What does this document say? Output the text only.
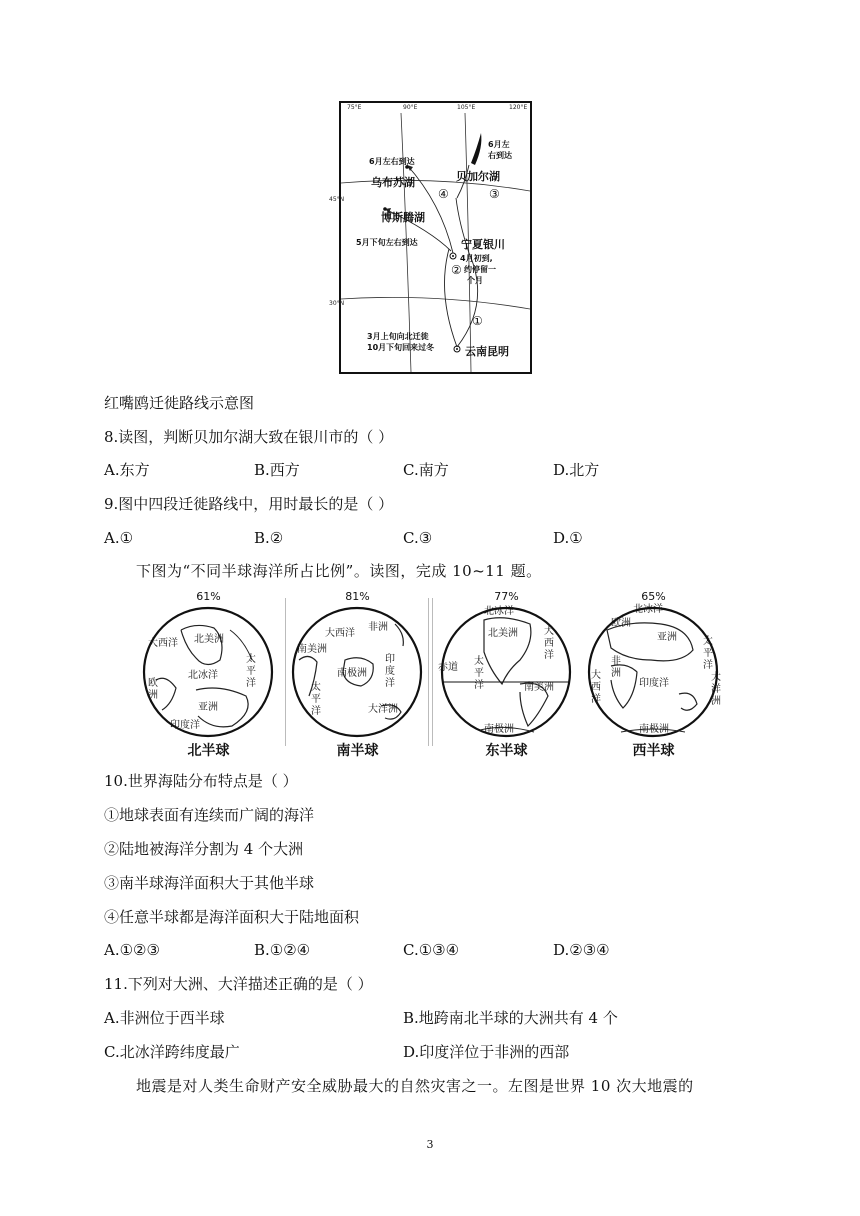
75°E	90°E	105°E	120°E
45°N
30°N
6月左右到达
6月左
右到达
乌布苏湖	贝加尔湖
博斯腾湖
5月下旬左右到达	宁夏银川
4月初到,
约停留一
个月
3月上旬向北迁徙
10月下旬回来过冬	云南昆明
①
②
③
④
红嘴鸥迁徙路线示意图
8.读图，判断贝加尔湖大致在银川市的（ ）
A.东方	B.西方	C.南方	D.北方
9.图中四段迁徙路线中，用时最长的是（ ）
A.①	B.②	C.③	D.①
下图为“不同半球海洋所占比例”。读图，完成 10~11 题。
61%
大西洋 北美洲
太
平
洋
欧
洲
北冰洋
亚洲
印度洋
北半球
81%
大西洋
非洲
南美洲
印
度
洋
南极洲
太
平
洋	大洋洲
南半球
77%
北冰洋
大
西
洋
北美洲
赤道
太
平
洋	南美洲
南极洲
东半球
65%
北冰洋
欧洲
亚洲	太
平
洋
非
洲
大
西
洋
印度洋
大
洋
洲
南极洲
西半球
10.世界海陆分布特点是（ ）
①地球表面有连续而广阔的海洋
②陆地被海洋分割为 4 个大洲
③南半球海洋面积大于其他半球
④任意半球都是海洋面积大于陆地面积
A.①②③	B.①②④	C.①③④	D.②③④
11.下列对大洲、大洋描述正确的是（ ）
A.非洲位于西半球	B.地跨南北半球的大洲共有 4 个
C.北冰洋跨纬度最广	D.印度洋位于非洲的西部
地震是对人类生命财产安全威胁最大的自然灾害之一。左图是世界 10 次大地震的
3
